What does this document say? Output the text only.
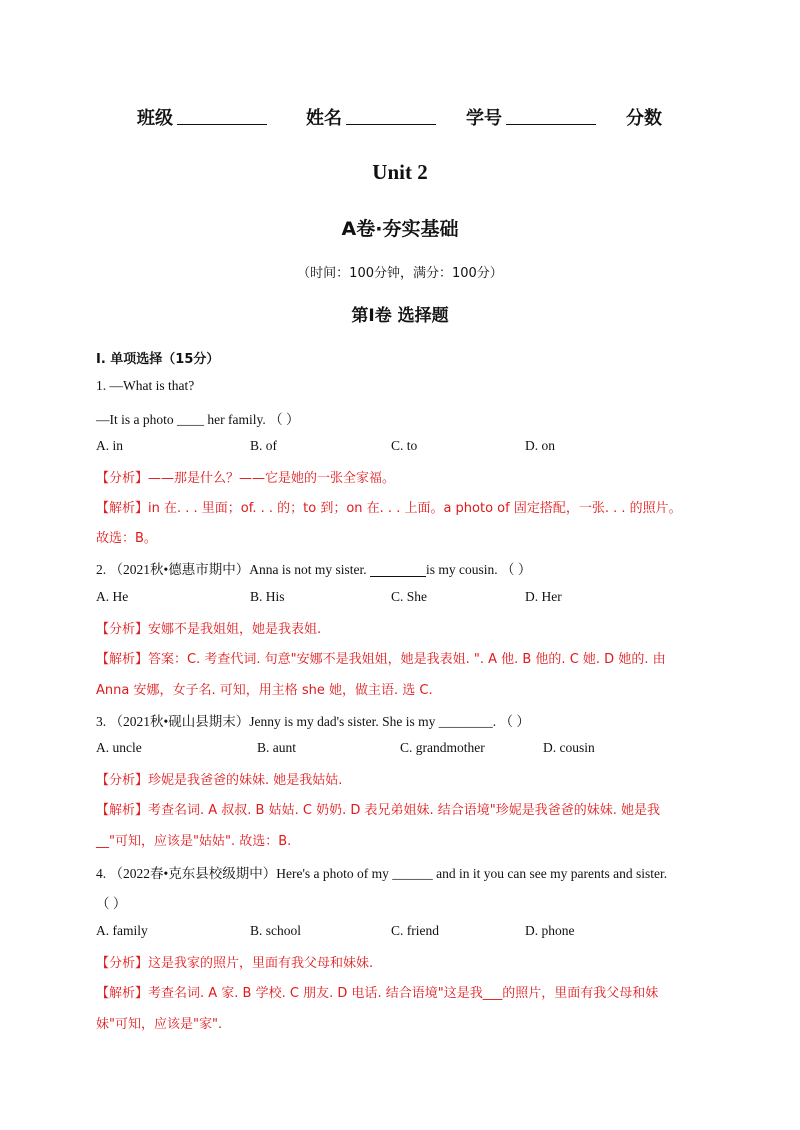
班级	姓名	学号	分数
Unit 2
A卷·夯实基础
（时间：100分钟，满分：100分）
第Ⅰ卷 选择题
I. 单项选择（15分）
1. —What is that?
—It is a photo ____ her family. （ ）
A. in	B. of	C. to	D. on
【分析】——那是什么？——它是她的一张全家福。
【解析】in 在. . . 里面；of. . . 的；to 到；on 在. . . 上面。a photo of 固定搭配，一张. . . 的照片。
故选：B。
2. （2021秋•德惠市期中）Anna is not my sister.	is my cousin. （ ）
A. He	B. His	C. She	D. Her
【分析】安娜不是我姐姐，她是我表姐.
【解析】答案：C. 考查代词. 句意"安娜不是我姐姐，她是我表姐. ". A 他. B 他的. C 她. D 她的. 由
Anna 安娜，女子名. 可知，用主格 she 她，做主语. 选 C.
3. （2021秋•砚山县期末）Jenny is my dad's sister. She is my ________. （ ）
A. uncle	B. aunt	C. grandmother	D. cousin
【分析】珍妮是我爸爸的妹妹. 她是我姑姑.
【解析】考查名词. A 叔叔. B 姑姑. C 奶奶. D 表兄弟姐妹. 结合语境"珍妮是我爸爸的妹妹. 她是我
__"可知，应该是"姑姑". 故选：B.
4. （2022春•克东县校级期中）Here's a photo of my ______ and in it you can see my parents and sister.
（ ）
A. family	B. school	C. friend	D. phone
【分析】这是我家的照片，里面有我父母和妹妹.
【解析】考查名词. A 家. B 学校. C 朋友. D 电话. 结合语境"这是我___的照片，里面有我父母和妹
妹"可知，应该是"家".
